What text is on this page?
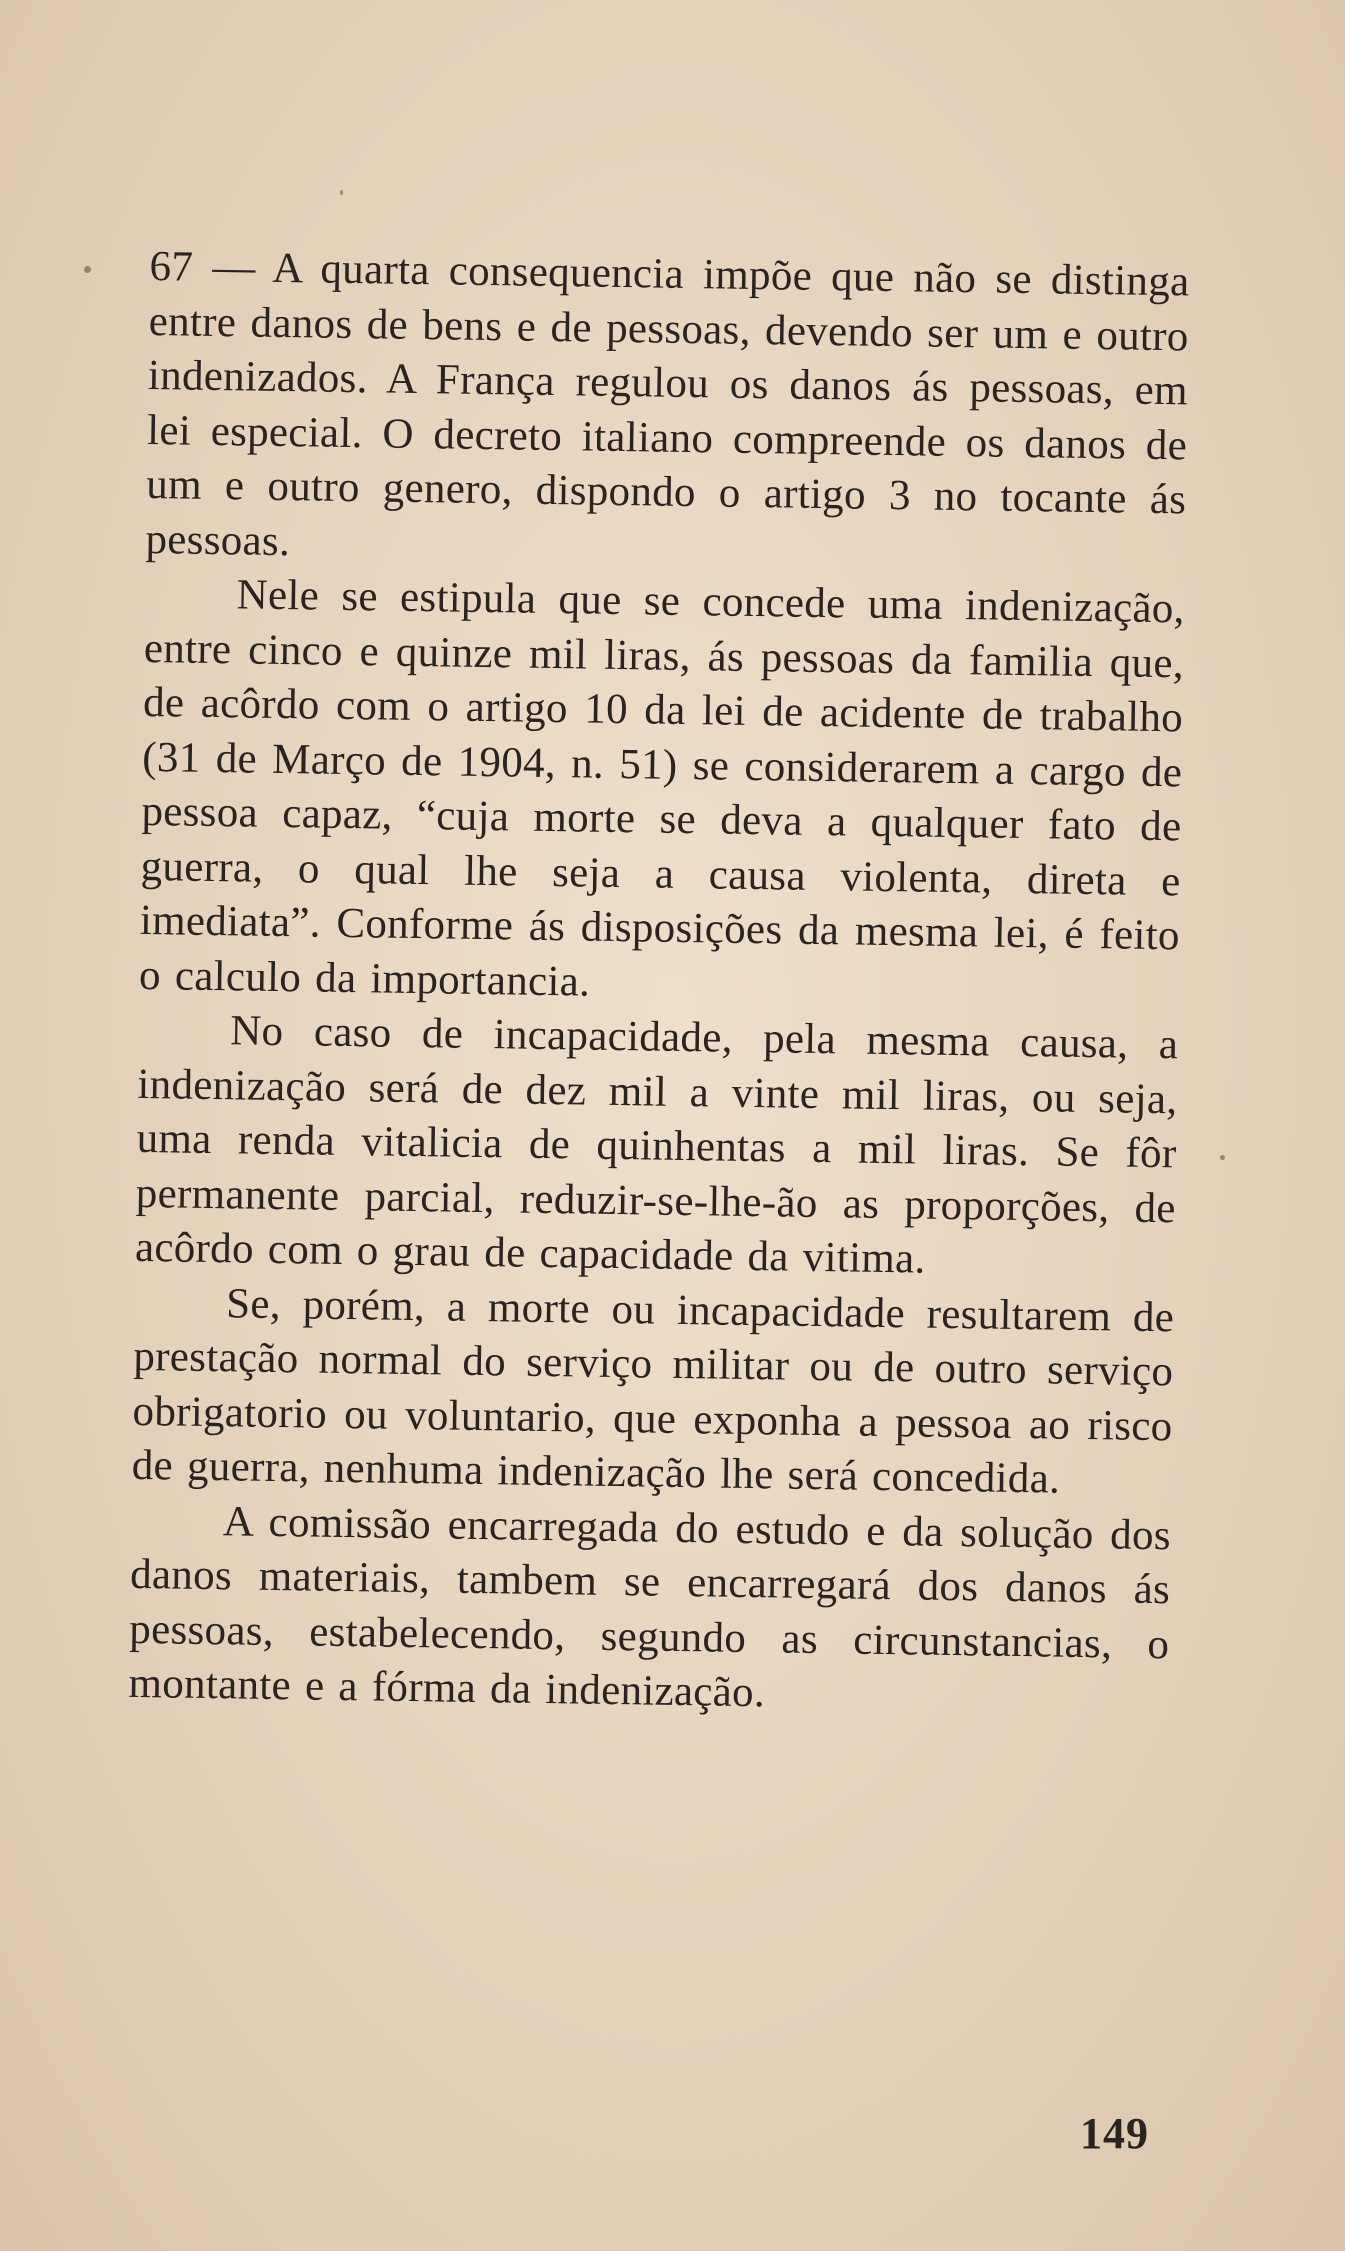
67 — A quarta consequencia impõe que não se distinga entre danos de bens e de pessoas, devendo ser um e outro indenizados. A França regulou os danos ás pessoas, em lei especial. O decreto italiano compreende os danos de um e outro genero, dispondo o artigo 3 no tocante ás pessoas.

Nele se estipula que se concede uma indenização, entre cinco e quinze mil liras, ás pessoas da familia que, de acôrdo com o artigo 10 da lei de acidente de trabalho (31 de Março de 1904, n. 51) se considerarem a cargo de pessoa capaz, “cuja morte se deva a qualquer fato de guerra, o qual lhe seja a causa violenta, direta e imediata”. Conforme ás disposições da mesma lei, é feito o calculo da importancia.

No caso de incapacidade, pela mesma causa, a indenização será de dez mil a vinte mil liras, ou seja, uma renda vitalicia de quinhentas a mil liras. Se fôr permanente parcial, reduzir-se-lhe-ão as proporções, de acôrdo com o grau de capacidade da vitima.

Se, porém, a morte ou incapacidade resultarem de prestação normal do serviço militar ou de outro serviço obrigatorio ou voluntario, que exponha a pessoa ao risco de guerra, nenhuma indenização lhe será concedida.

A comissão encarregada do estudo e da solução dos danos materiais, tambem se encarregará dos danos ás pessoas, estabelecendo, segundo as circunstancias, o montante e a fórma da indenização.

149
